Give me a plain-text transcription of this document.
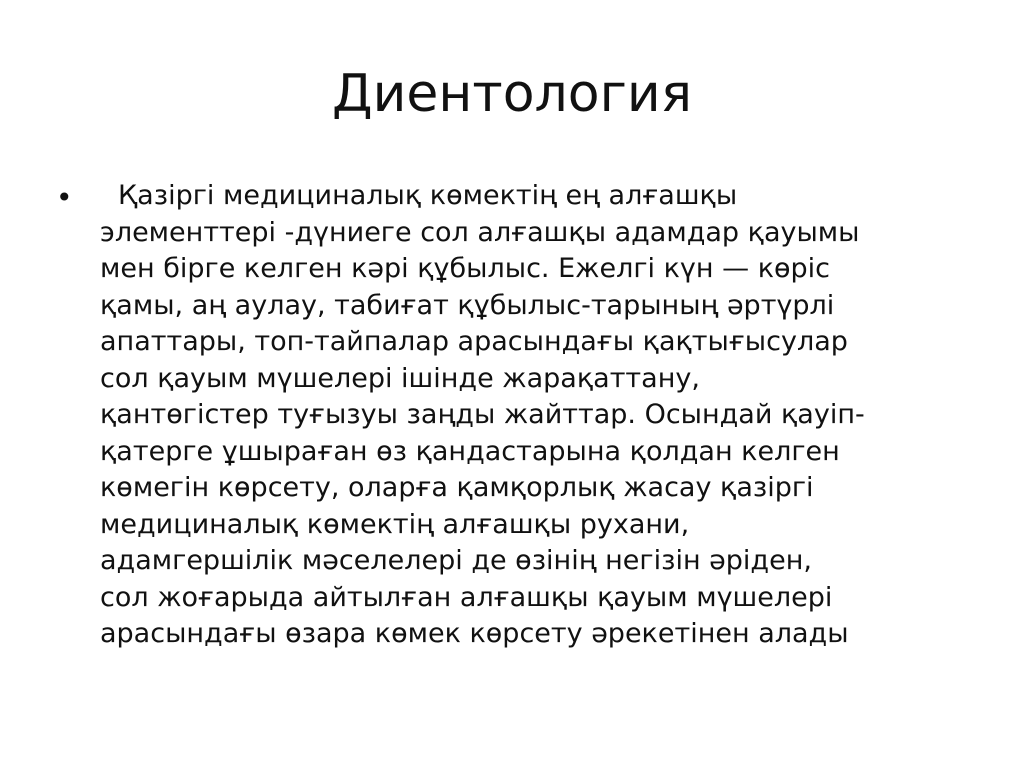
Диентология
•	Қазіргі медициналық көмектің ең алғашқы
элементтері -дүниеге сол алғашқы адамдар қауымы
мен бірге келген кәрі құбылыс. Ежелгі күн — көріс
қамы, аң аулау, табиғат құбылыс-тарының әртүрлі
апаттары, топ-тайпалар арасындағы қақтығысулар
сол қауым мүшелері ішінде жарақаттану,
қантөгістер туғызуы заңды жайттар. Осындай қауіп-
қатерге ұшыраған өз қандастарына қолдан келген
көмегін көрсету, оларға қамқорлық жасау қазіргі
медициналық көмектің алғашқы рухани,
адамгершілік мәселелері де өзінің негізін әріден,
сол жоғарыда айтылған алғашқы қауым мүшелері
арасындағы өзара көмек көрсету әрекетінен алады
